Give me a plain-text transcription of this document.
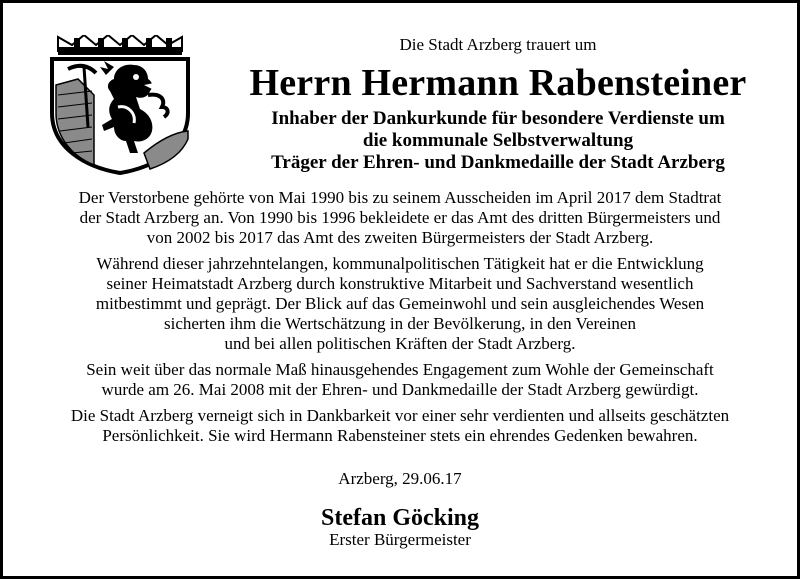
Die Stadt Arzberg trauert um
Herrn Hermann Rabensteiner
Inhaber der Dankurkunde für besondere Verdienste um
die kommunale Selbstverwaltung
Träger der Ehren- und Dankmedaille der Stadt Arzberg
Der Verstorbene gehörte von Mai 1990 bis zu seinem Ausscheiden im April 2017 dem Stadtrat
der Stadt Arzberg an. Von 1990 bis 1996 bekleidete er das Amt des dritten Bürgermeisters und
von 2002 bis 2017 das Amt des zweiten Bürgermeisters der Stadt Arzberg.
Während dieser jahrzehntelangen, kommunalpolitischen Tätigkeit hat er die Entwicklung
seiner Heimatstadt Arzberg durch konstruktive Mitarbeit und Sachverstand wesentlich
mitbestimmt und geprägt. Der Blick auf das Gemeinwohl und sein ausgleichendes Wesen
sicherten ihm die Wertschätzung in der Bevölkerung, in den Vereinen
und bei allen politischen Kräften der Stadt Arzberg.
Sein weit über das normale Maß hinausgehendes Engagement zum Wohle der Gemeinschaft
wurde am 26. Mai 2008 mit der Ehren- und Dankmedaille der Stadt Arzberg gewürdigt.
Die Stadt Arzberg verneigt sich in Dankbarkeit vor einer sehr verdienten und allseits geschätzten
Persönlichkeit. Sie wird Hermann Rabensteiner stets ein ehrendes Gedenken bewahren.
Arzberg, 29.06.17
Stefan Göcking
Erster Bürgermeister
